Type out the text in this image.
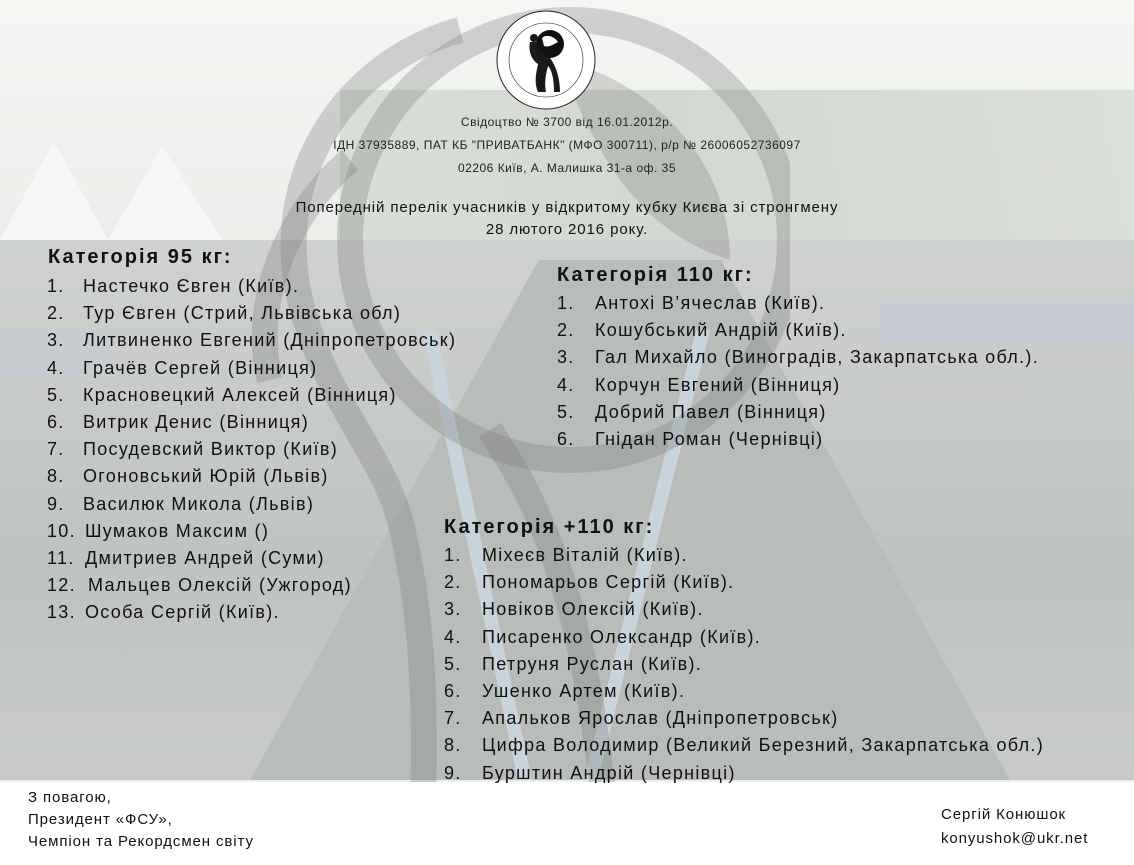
Свідоцтво № 3700 від 16.01.2012р.
ІДН 37935889, ПАТ КБ "ПРИВАТБАНК" (МФО 300711), р/р № 26006052736097
02206 Київ, А. Малишка 31-а оф. 35
Попередній перелік учасників у відкритому кубку Києва зі стронгмену
28 лютого 2016 року.
Категорія 95 кг:
1. Настечко Євген (Київ).
2. Тур Євген (Стрий, Львівська обл)
3. Литвиненко Евгений (Днiпропетровськ)
4. Грачёв Сергей (Вінниця)
5. Красновецкий Алексей (Вінниця)
6. Витрик Денис (Вінниця)
7. Посудевский Виктор (Київ)
8. Огоновський Юрій (Львів)
9. Василюк Микола (Львів)
10. Шумаков Максим ()
11. Дмитриев Андрей (Суми)
12. Мальцев Олексій (Ужгород)
13. Особа Сергій (Київ).
Категорія 110 кг:
1. Антохі В’ячеслав (Київ).
2. Кошубський Андрій (Київ).
3. Гал Михайло (Виноградів, Закарпатська обл.).
4. Корчун Евгений (Вінниця)
5. Добрий Павел (Вінниця)
6. Гнідан Роман (Чернівці)
Категорія +110 кг:
1. Міхеєв Віталій (Київ).
2. Пономарьов Сергій (Київ).
3. Новіков Олексій (Київ).
4. Писаренко Олександр (Київ).
5. Петруня Руслан (Київ).
6. Ушенко Артем (Київ).
7. Апальков Ярослав (Днiпропетровськ)
8. Цифра Володимир (Великий Березний, Закарпатська обл.)
9. Бурштин Андрій (Чернівці)
З повагою,
Президент «ФСУ»,
Чемпіон та Рекордсмен світу
Сергій Конюшок
konyushok@ukr.net
